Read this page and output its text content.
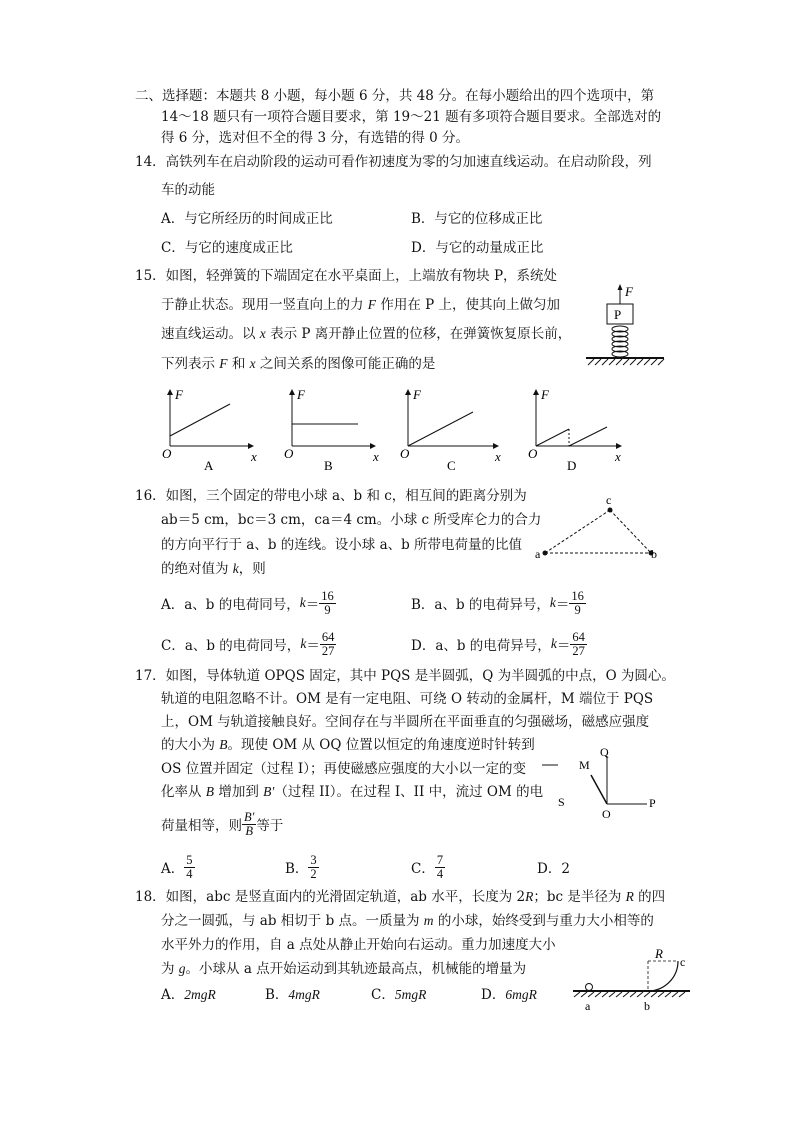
二、选择题：本题共 8 小题，每小题 6 分，共 48 分。在每小题给出的四个选项中，第
14～18 题只有一项符合题目要求，第 19～21 题有多项符合题目要求。全部选对的
得 6 分，选对但不全的得 3 分，有选错的得 0 分。
14．高铁列车在启动阶段的运动可看作初速度为零的匀加速直线运动。在启动阶段，列
车的动能
A．与它所经历的时间成正比	B．与它的位移成正比
C．与它的速度成正比	D．与它的动量成正比
15．如图，轻弹簧的下端固定在水平桌面上，上端放有物块 P，系统处
于静止状态。现用一竖直向上的力 F 作用在 P 上，使其向上做匀加
速直线运动。以 x 表示 P 离开静止位置的位移，在弹簧恢复原长前，
下列表示 F 和 x 之间关系的图像可能正确的是
F
P
F
x
O
A
F
x
O
B
F
x
O
C
F
x
O
D
16．如图，三个固定的带电小球 a、b 和 c，相互间的距离分别为
ab＝5 cm，bc＝3 cm，ca＝4 cm。小球 c 所受库仑力的合力
的方向平行于 a、b 的连线。设小球 a、b 所带电荷量的比值
的绝对值为 k，则
a	b
c
A．a、b 的电荷同号， $k = \frac{16}{9}$	B．a、b 的电荷异号， $k = \frac{16}{9}$
C．a、b 的电荷同号， $k = \frac{64}{27}$	D．a、b 的电荷异号， $k = \frac{64}{27}$
17．如图，导体轨道 OPQS 固定，其中 PQS 是半圆弧，Q 为半圆弧的中点，O 为圆心。
轨道的电阻忽略不计。OM 是有一定电阻、可绕 O 转动的金属杆，M 端位于 PQS
上，OM 与轨道接触良好。空间存在与半圆所在平面垂直的匀强磁场，磁感应强度
的大小为 B。现使 OM 从 OQ 位置以恒定的角速度逆时针转到
OS 位置并固定（过程 I）；再使磁感应强度的大小以一定的变
化率从 B 增加到 B′（过程 II）。在过程 I、II 中，流过 OM 的电
荷量相等，则 $\frac{B'}{B}$ 等于
Q
M
S
O
P
A． $\frac{5}{4}$	B． $\frac{3}{2}$	C． $\frac{7}{4}$	D．2
18．如图，abc 是竖直面内的光滑固定轨道，ab 水平，长度为 2R；bc 是半径为 R 的四
分之一圆弧，与 ab 相切于 b 点。一质量为 m 的小球，始终受到与重力大小相等的
水平外力的作用，自 a 点处从静止开始向右运动。重力加速度大小
为 g。小球从 a 点开始运动到其轨迹最高点，机械能的增量为
A．2mgR	B．4mgR	C．5mgR	D．6mgR
R
c
a	b
